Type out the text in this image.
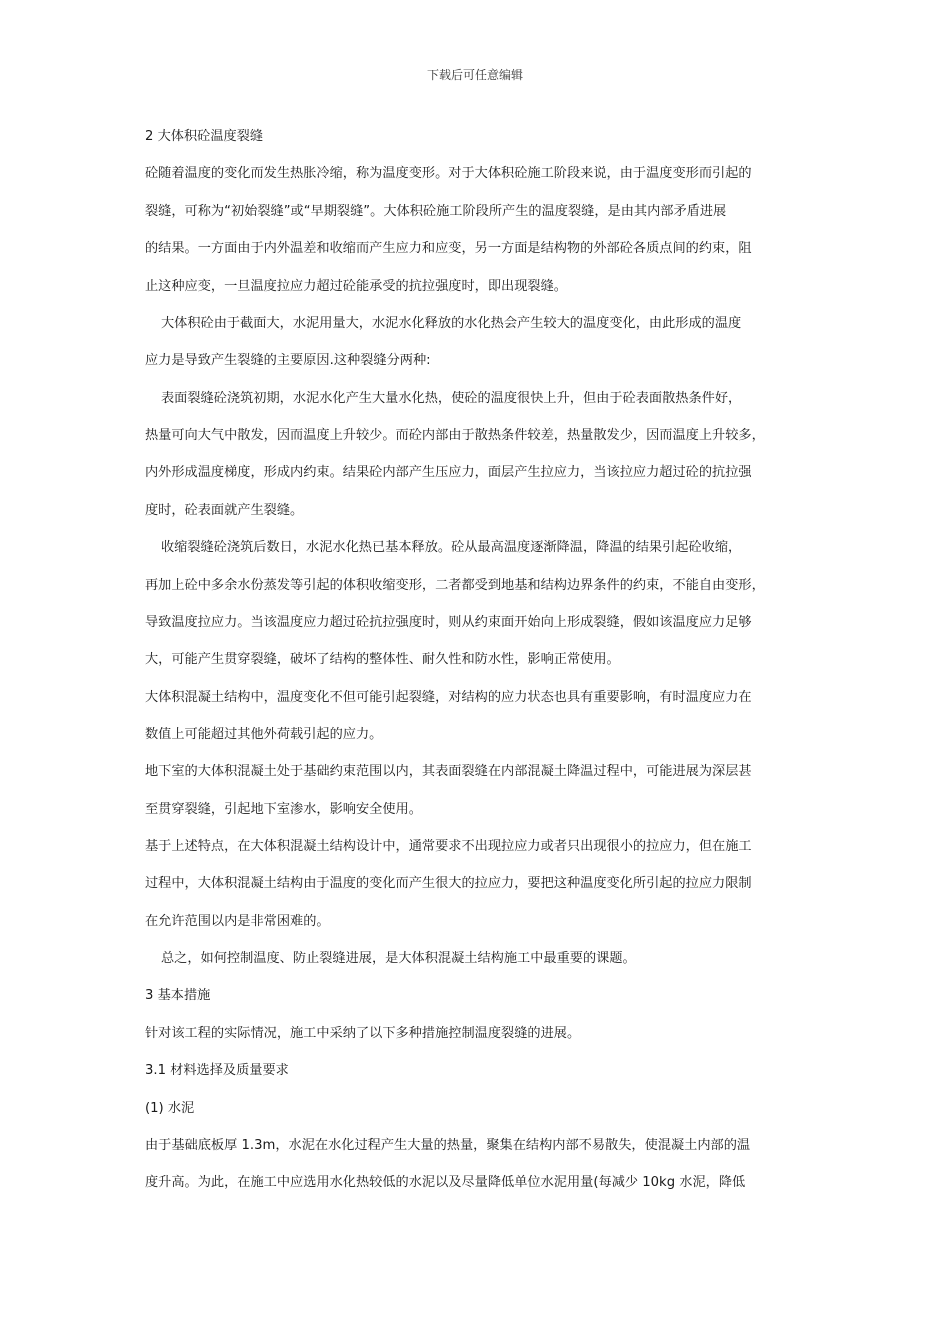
下载后可任意编辑
2 大体积砼温度裂缝
砼随着温度的变化而发生热胀冷缩，称为温度变形。对于大体积砼施工阶段来说，由于温度变形而引起的
裂缝，可称为“初始裂缝”或“早期裂缝”。大体积砼施工阶段所产生的温度裂缝，是由其内部矛盾进展
的结果。一方面由于内外温差和收缩而产生应力和应变，另一方面是结构物的外部砼各质点间的约束，阻
止这种应变，一旦温度拉应力超过砼能承受的抗拉强度时，即出现裂缝。
大体积砼由于截面大，水泥用量大，水泥水化释放的水化热会产生较大的温度变化，由此形成的温度
应力是导致产生裂缝的主要原因.这种裂缝分两种:
表面裂缝砼浇筑初期，水泥水化产生大量水化热，使砼的温度很快上升，但由于砼表面散热条件好，
热量可向大气中散发，因而温度上升较少。而砼内部由于散热条件较差，热量散发少，因而温度上升较多，
内外形成温度梯度，形成内约束。结果砼内部产生压应力，面层产生拉应力，当该拉应力超过砼的抗拉强
度时，砼表面就产生裂缝。
收缩裂缝砼浇筑后数日，水泥水化热已基本释放。砼从最高温度逐渐降温，降温的结果引起砼收缩，
再加上砼中多余水份蒸发等引起的体积收缩变形，二者都受到地基和结构边界条件的约束，不能自由变形，
导致温度拉应力。当该温度应力超过砼抗拉强度时，则从约束面开始向上形成裂缝，假如该温度应力足够
大，可能产生贯穿裂缝，破坏了结构的整体性、耐久性和防水性，影响正常使用。
大体积混凝土结构中，温度变化不但可能引起裂缝，对结构的应力状态也具有重要影响，有时温度应力在
数值上可能超过其他外荷载引起的应力。
地下室的大体积混凝土处于基础约束范围以内，其表面裂缝在内部混凝土降温过程中，可能进展为深层甚
至贯穿裂缝，引起地下室渗水，影响安全使用。
基于上述特点，在大体积混凝土结构设计中，通常要求不出现拉应力或者只出现很小的拉应力，但在施工
过程中，大体积混凝土结构由于温度的变化而产生很大的拉应力，要把这种温度变化所引起的拉应力限制
在允许范围以内是非常困难的。
总之，如何控制温度、防止裂缝进展，是大体积混凝土结构施工中最重要的课题。
3 基本措施
针对该工程的实际情况，施工中采纳了以下多种措施控制温度裂缝的进展。
3.1 材料选择及质量要求
(1) 水泥
由于基础底板厚 1.3m，水泥在水化过程产生大量的热量，聚集在结构内部不易散失，使混凝土内部的温
度升高。为此，在施工中应选用水化热较低的水泥以及尽量降低单位水泥用量(每减少 10kg 水泥，降低
